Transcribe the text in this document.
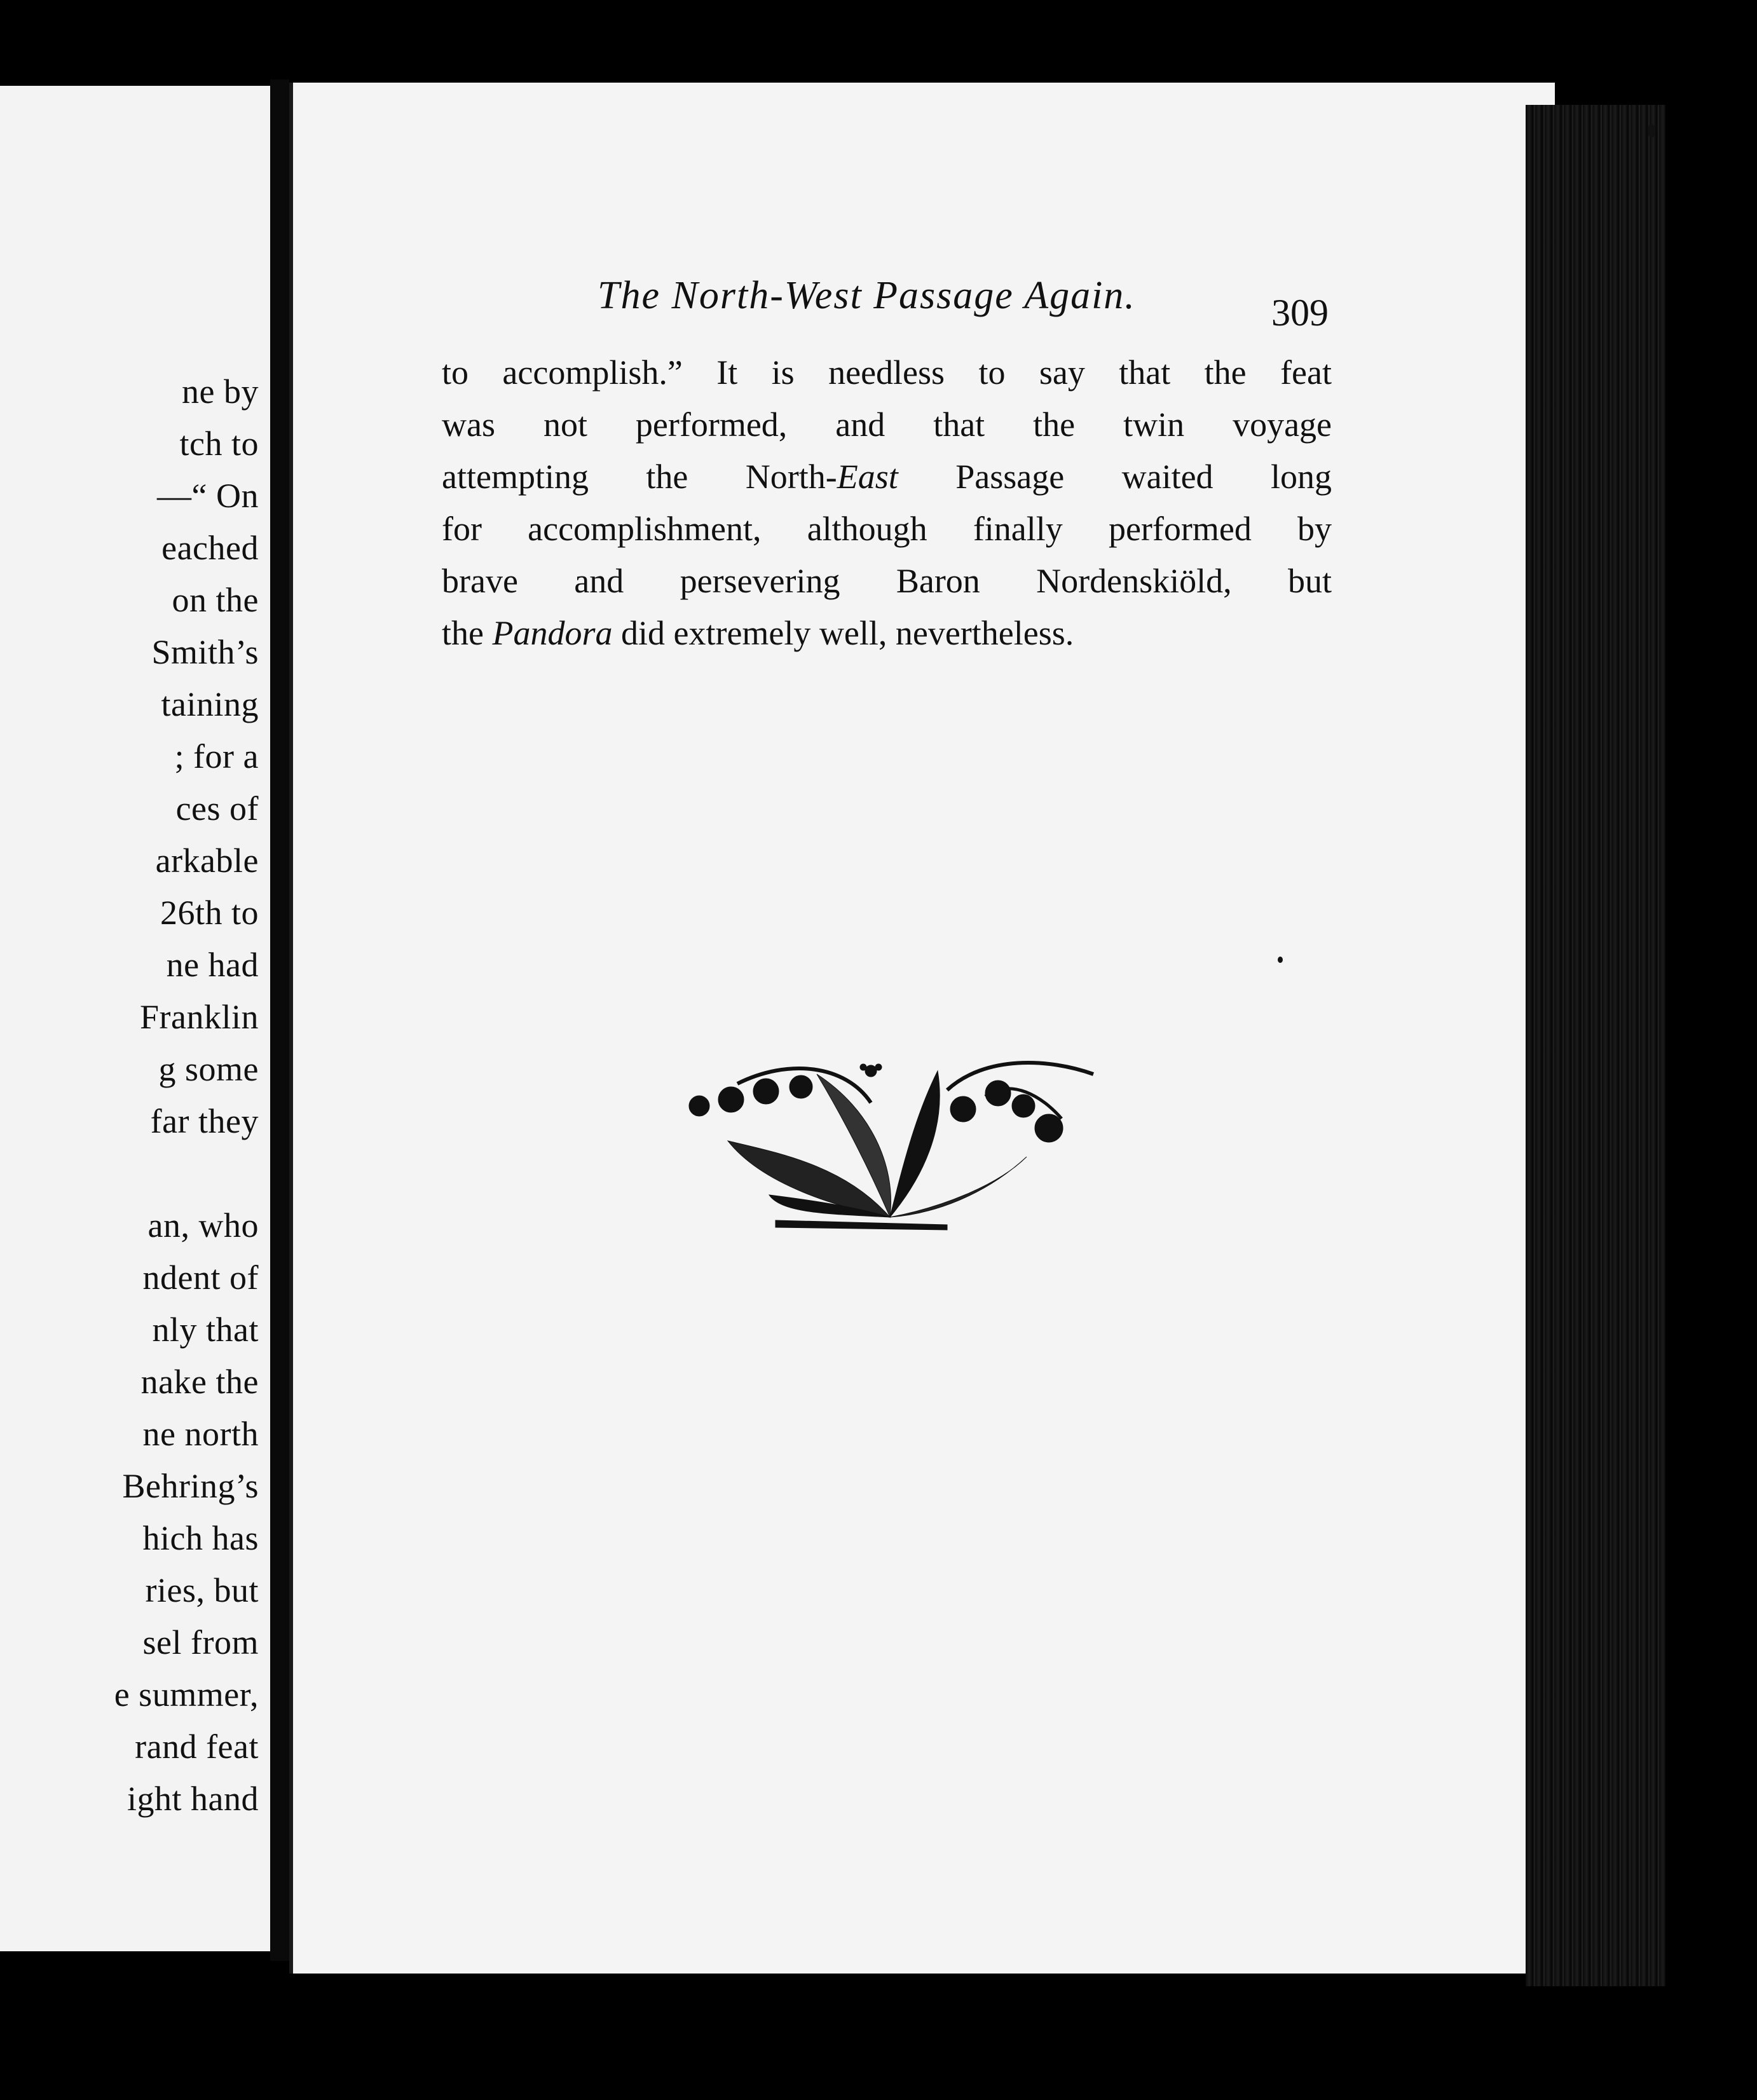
ne by
tch to
—“ On
eached
on the
Smith’s
taining
; for a
ces of
arkable
26th to
ne had
Franklin
g some
far they
an, who
ndent of
nly that
nake the
ne north
Behring’s
hich has
ries, but
sel from
e summer,
rand feat
ight hand
The North-West Passage Again.	309
to accomplish.” It is needless to say that the feat
was not performed, and that the twin voyage
attempting the North-East Passage waited long
for accomplishment, although finally performed by
brave and persevering Baron Nordenskiöld, but
the Pandora did extremely well, nevertheless.
